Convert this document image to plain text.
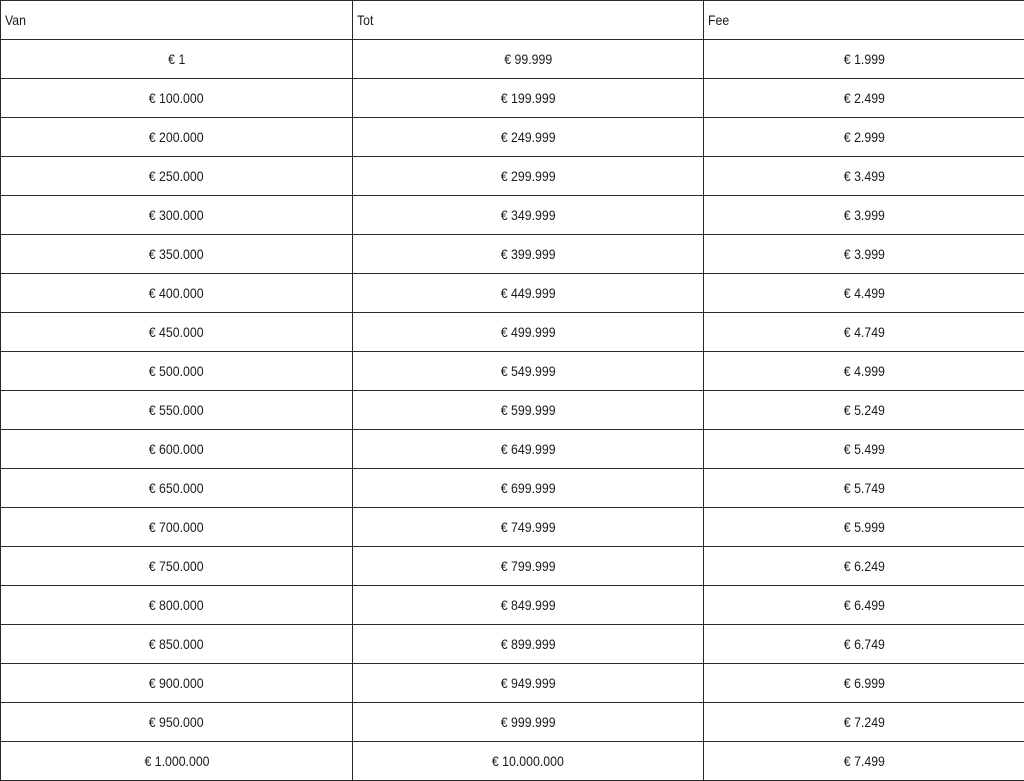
Van	Tot	Fee
€ 1	€ 99.999	€ 1.999
€ 100.000	€ 199.999	€ 2.499
€ 200.000	€ 249.999	€ 2.999
€ 250.000	€ 299.999	€ 3.499
€ 300.000	€ 349.999	€ 3.999
€ 350.000	€ 399.999	€ 3.999
€ 400.000	€ 449.999	€ 4.499
€ 450.000	€ 499.999	€ 4.749
€ 500.000	€ 549.999	€ 4.999
€ 550.000	€ 599.999	€ 5.249
€ 600.000	€ 649.999	€ 5.499
€ 650.000	€ 699.999	€ 5.749
€ 700.000	€ 749.999	€ 5.999
€ 750.000	€ 799.999	€ 6.249
€ 800.000	€ 849.999	€ 6.499
€ 850.000	€ 899.999	€ 6.749
€ 900.000	€ 949.999	€ 6.999
€ 950.000	€ 999.999	€ 7.249
€ 1.000.000	€ 10.000.000	€ 7.499
